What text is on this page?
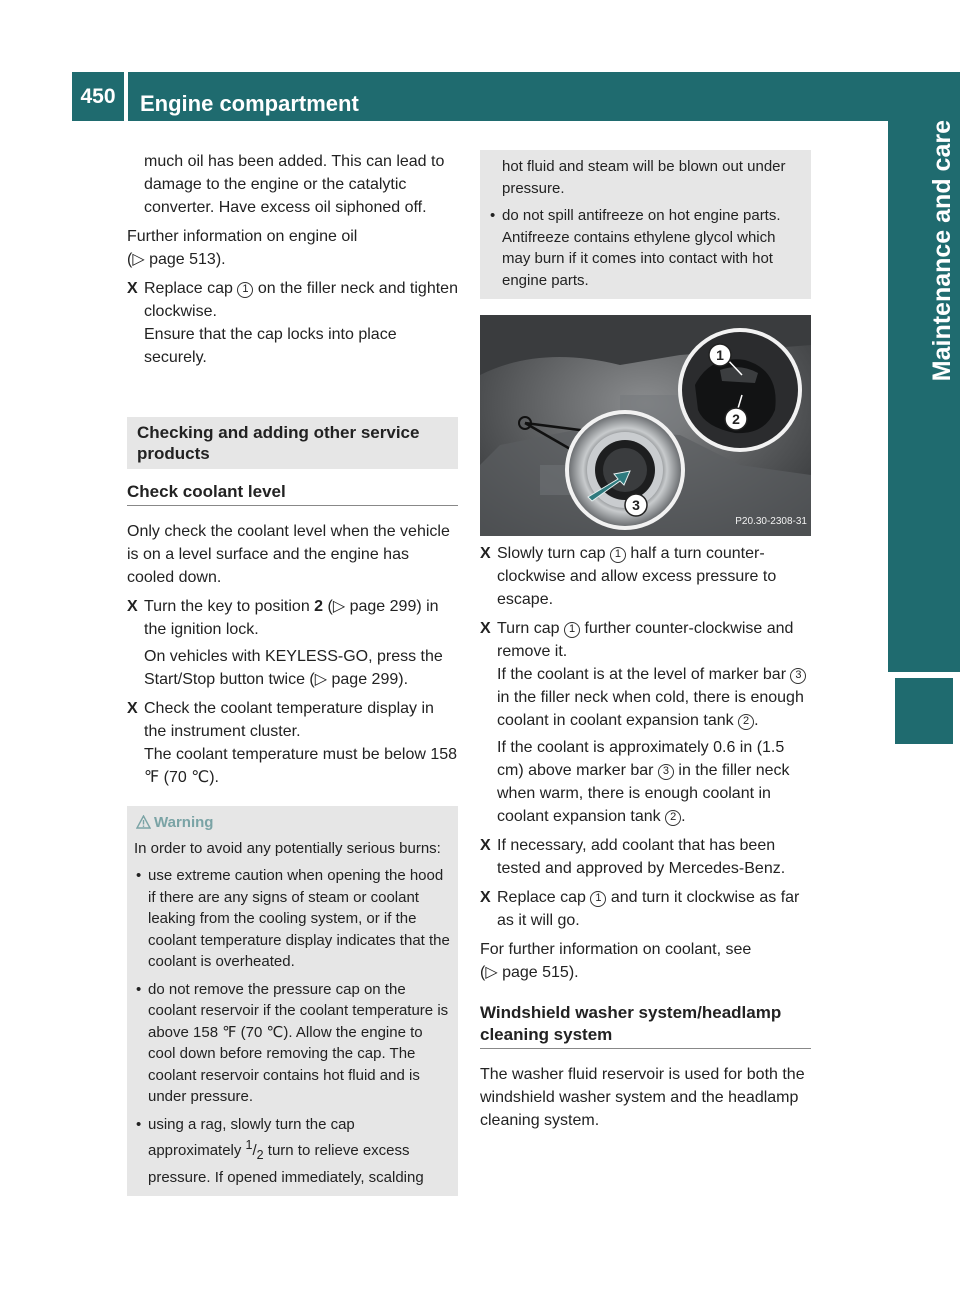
450	Engine compartment
Maintenance and care

much oil has been added. This can lead to damage to the engine or the catalytic converter. Have excess oil siphoned off.

Further information on engine oil
(▷ page 513).

X Replace cap 1 on the filler neck and tighten clockwise.
Ensure that the cap locks into place securely.
Checking and adding other service products
Check coolant level

Only check the coolant level when the vehicle is on a level surface and the engine has cooled down.

X Turn the key to position 2 (▷ page 299) in the ignition lock.

On vehicles with KEYLESS-GO, press the Start/Stop button twice (▷ page 299).

X Check the coolant temperature display in the instrument cluster.
The coolant temperature must be below 158 ℉ (70 ℃).
Warning

In order to avoid any potentially serious burns:

• use extreme caution when opening the hood if there are any signs of steam or coolant leaking from the cooling system, or if the coolant temperature display indicates that the coolant is overheated.
• do not remove the pressure cap on the coolant reservoir if the coolant temperature is above 158 ℉ (70 ℃). Allow the engine to cool down before removing the cap. The coolant reservoir contains hot fluid and is under pressure.
• using a rag, slowly turn the cap approximately $^1/_2$ turn to relieve excess pressure. If opened immediately, scalding

hot fluid and steam will be blown out under pressure.

• do not spill antifreeze on hot engine parts. Antifreeze contains ethylene glycol which may burn if it comes into contact with hot engine parts.
1
2
3
P20.30-2308-31
X Slowly turn cap 1 half a turn counter-clockwise and allow excess pressure to escape.
X Turn cap 1 further counter-clockwise and remove it.
If the coolant is at the level of marker bar 3 in the filler neck when cold, there is enough coolant in coolant expansion tank 2 .

If the coolant is approximately 0.6 in (1.5 cm) above marker bar 3 in the filler neck when warm, there is enough coolant in coolant expansion tank 2 .

X If necessary, add coolant that has been tested and approved by Mercedes-Benz.
X Replace cap 1 and turn it clockwise as far as it will go.

For further information on coolant, see
(▷ page 515).

Windshield washer system/headlamp cleaning system

The washer fluid reservoir is used for both the windshield washer system and the headlamp cleaning system.
